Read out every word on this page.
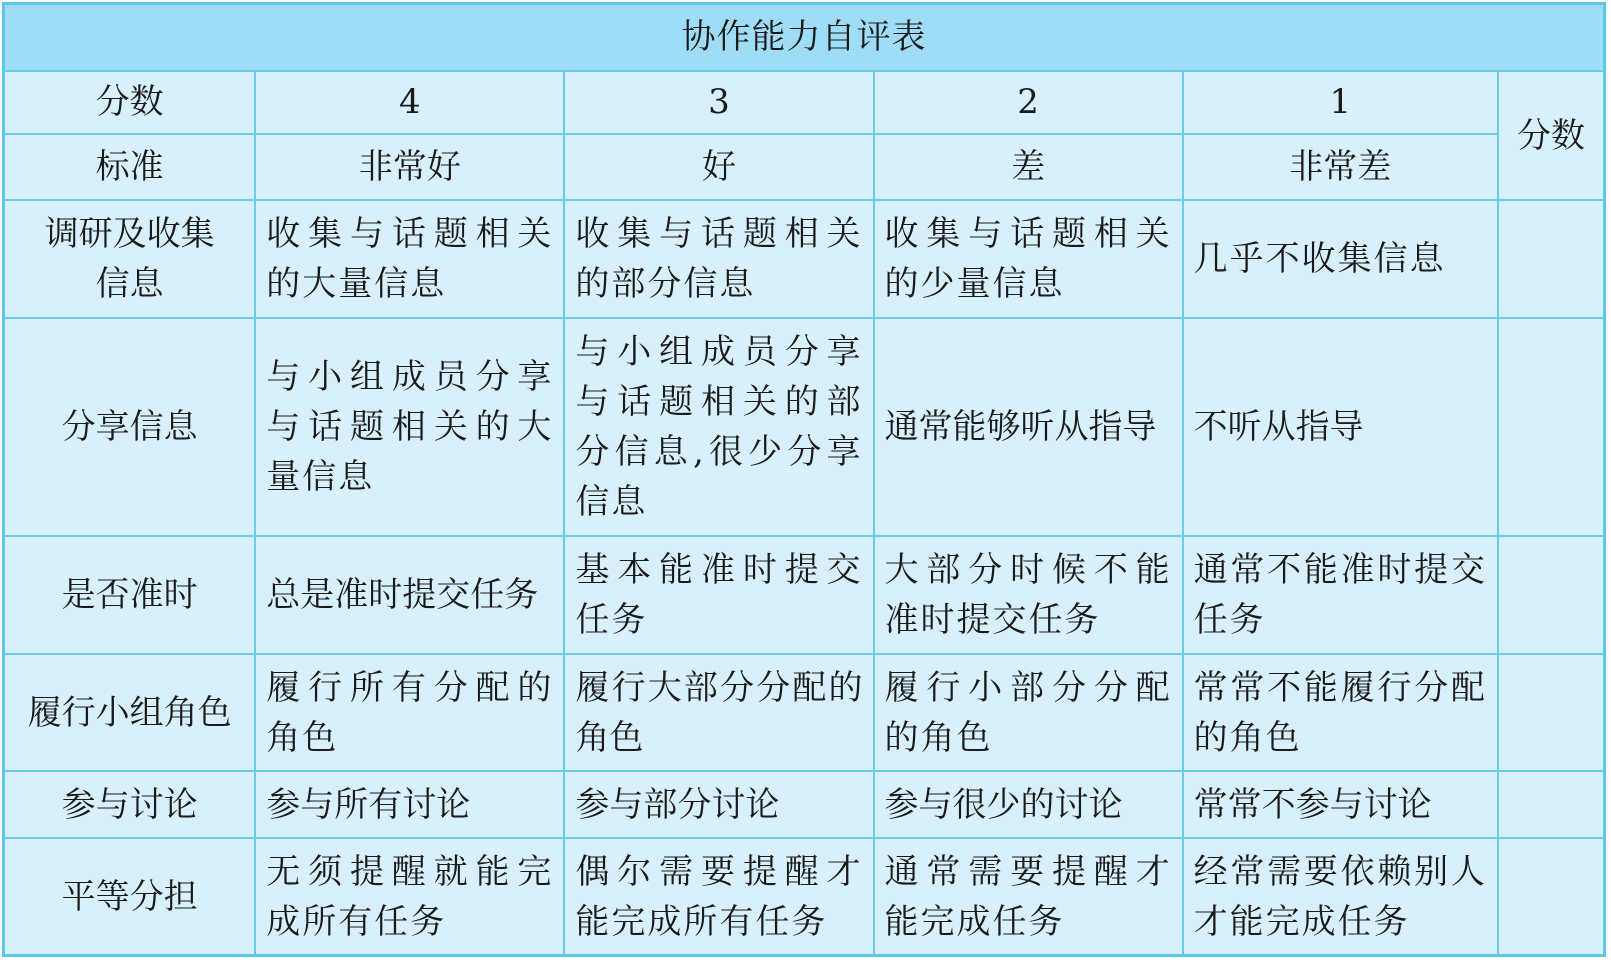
协作能力自评表					
分数	4	3	2	1	分数
标准	非常好	好	差	非常差	
调研及收集信息	收集与话题相关的大量信息	收集与话题相关的部分信息	收集与话题相关的少量信息	几乎不收集信息	
分享信息	与小组成员分享与话题相关的大量信息	与小组成员分享与话题相关的部分信息,很少分享信息	通常能够听从指导	不听从指导	
是否准时	总是准时提交任务	基本能准时提交任务	大部分时候不能准时提交任务	通常不能准时提交任务	
履行小组角色	履行所有分配的角色	履行大部分分配的角色	履行小部分分配的角色	常常不能履行分配的角色	
参与讨论	参与所有讨论	参与部分讨论	参与很少的讨论	常常不参与讨论	
平等分担	无须提醒就能完成所有任务	偶尔需要提醒才能完成所有任务	通常需要提醒才能完成任务	经常需要依赖别人才能完成任务	
